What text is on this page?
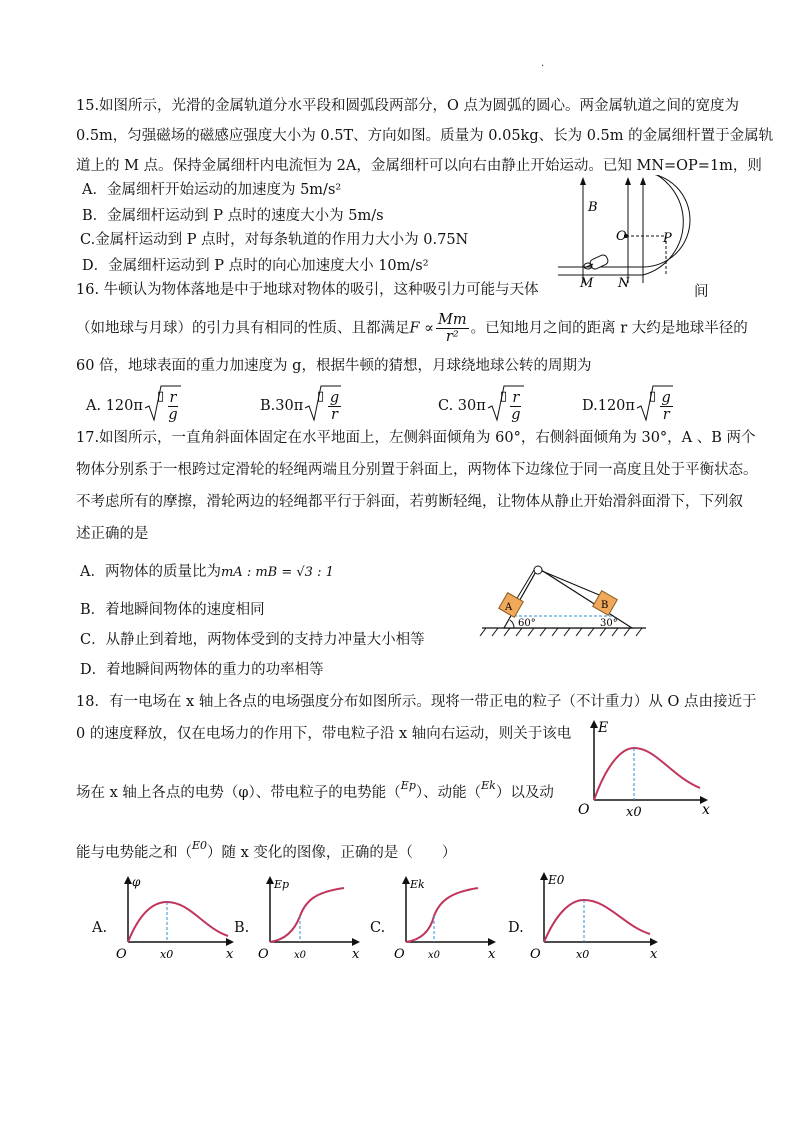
.
15.如图所示，光滑的金属轨道分水平段和圆弧段两部分，O 点为圆弧的圆心。两金属轨道之间的宽度为
0.5m，匀强磁场的磁感应强度大小为 0.5T、方向如图。质量为 0.05kg、长为 0.5m 的金属细杆置于金属轨
道上的 M 点。保持金属细杆内电流恒为 2A，金属细杆可以向右由静止开始运动。已知 MN=OP=1m，则
A．金属细杆开始运动的加速度为 5m/s²
B．金属细杆运动到 P 点时的速度大小为 5m/s
C.金属杆运动到 P 点时，对每条轨道的作用力大小为 0.75N
D．金属细杆运动到 P 点时的向心加速度大小 10m/s²
B
O	P
M N
16. 牛顿认为物体落地是中于地球对物体的吸引，这种吸引力可能与天体	间
（如地球与月球）的引力具有相同的性质、且都满足$F \propto \frac{Mm}{\text{r²}}$ 。已知地月之间的距离 r 大约是地球半径的
60 倍，地球表面的重力加速度为 g，根据牛顿的猜想，月球绕地球公转的周期为
A. 120π
▯
$\frac{r}{g}$	B.30π
▯
$\frac{g}{r}$	C. 30π
▯
$\frac{r}{g}$	D.120π
▯
$\frac{g}{r}$
17.如图所示，一直角斜面体固定在水平地面上，左侧斜面倾角为 60°，右侧斜面倾角为 30°，A 、B 两个
物体分别系于一根跨过定滑轮的轻绳两端且分别置于斜面上，两物体下边缘位于同一高度且处于平衡状态。
不考虑所有的摩擦，滑轮两边的轻绳都平行于斜面，若剪断轻绳，让物体从静止开始滑斜面滑下，下列叙
述正确的是
A．两物体的质量比为mA : mB = √3 : 1
B．着地瞬间物体的速度相同
C．从静止到着地，两物体受到的支持力冲量大小相等
D．着地瞬间两物体的重力的功率相等
A	B
60°	30°
18．有一电场在 x 轴上各点的电场强度分布如图所示。现将一带正电的粒子（不计重力）从 O 点由接近于
0 的速度释放，仅在电场力的作用下，带电粒子沿 x 轴向右运动，则关于该电
场在 x 轴上各点的电势（φ）、带电粒子的电势能（$^{Ep}$）、动能（$^{Ek}$）以及动
能与电势能之和（$^{E0}$）随 x 变化的图像，正确的是（　　）
E
O	x0	x
A.
φ
O	x0	x
B.
Ep
O	x0	x
C.
Ek
O x0	x
D.
E0
O	x0	x
